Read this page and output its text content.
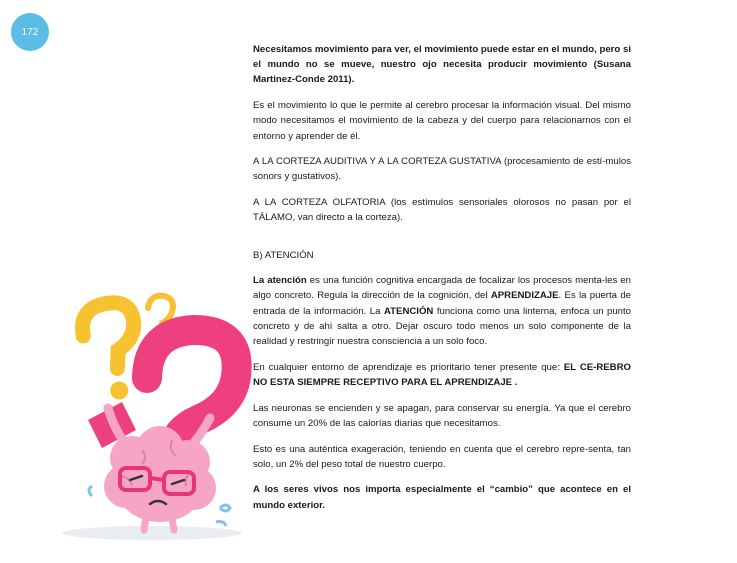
172

Necesitamos movimiento para ver, el movimiento puede estar en el mundo, pero si el mundo no se mueve, nuestro ojo necesita producir movimiento (Susana Martinez-Conde 2011).

Es el movimiento lo que le permite al cerebro procesar la información visual. Del mismo modo necesitamos el movimiento de la cabeza y del cuerpo para relacionarnos con el entorno y aprender de él.

A LA CORTEZA AUDITIVA Y A LA CORTEZA GUSTATIVA (procesamiento de estí-mulos sonors y gustativos).

A LA CORTEZA OLFATORIA (los estímulos sensoriales olorosos no pasan por el TÁLAMO, van directo a la corteza).

B) ATENCIÓN

La atención es una función cognitiva encargada de focalizar los procesos menta-les en algo concreto. Regula la dirección de la cognición, del APRENDIZAJE. Es la puerta de entrada de la información. La ATENCIÓN funciona como una linterna, enfoca un punto concreto y de ahí salta a otro. Dejar oscuro todo menos un solo componente de la realidad y restringir nuestra consciencia a un solo foco.

En cualquier entorno de aprendizaje es prioritario tener presente que: EL CE-REBRO NO ESTA SIEMPRE RECEPTIVO PARA EL APRENDIZAJE .

Las neuronas se encienden y se apagan, para conservar su energía. Ya que el cerebro consume un 20% de las calorías diarias que necesitamos.

Esto es una auténtica exageración, teniendo en cuenta que el cerebro repre-senta, tan solo, un 2% del peso total de nuestro cuerpo.

A los seres vivos nos importa especialmente el “cambio” que acontece en el mundo exterior.
